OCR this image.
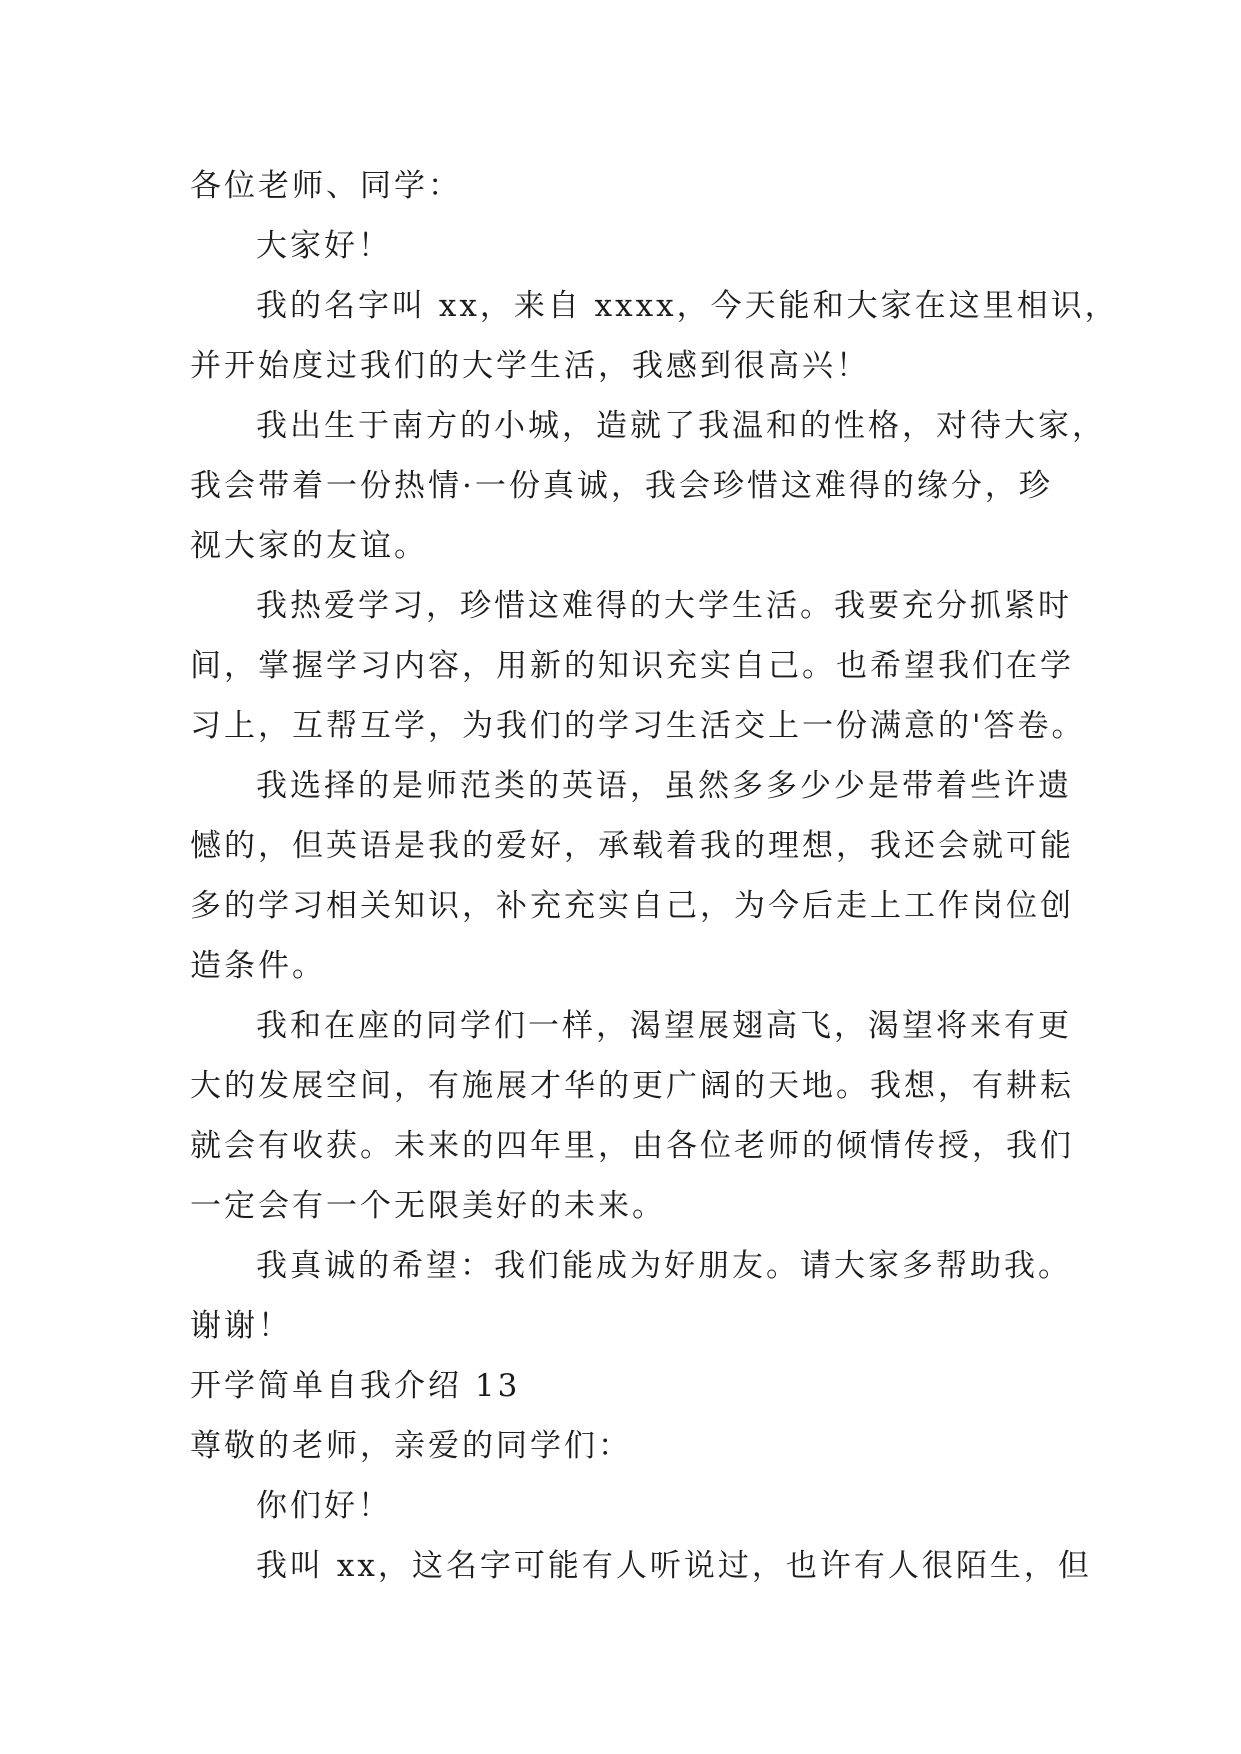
各位老师、同学：
大家好！
我的名字叫 xx，来自 xxxx，今天能和大家在这里相识，
并开始度过我们的大学生活，我感到很高兴！
我出生于南方的小城，造就了我温和的性格，对待大家，
我会带着一份热情·一份真诚，我会珍惜这难得的缘分，珍
视大家的友谊。
我热爱学习，珍惜这难得的大学生活。我要充分抓紧时
间，掌握学习内容，用新的知识充实自己。也希望我们在学
习上，互帮互学，为我们的学习生活交上一份满意的'答卷。
我选择的是师范类的英语，虽然多多少少是带着些许遗
憾的，但英语是我的爱好，承载着我的理想，我还会就可能
多的学习相关知识，补充充实自己，为今后走上工作岗位创
造条件。
我和在座的同学们一样，渴望展翅高飞，渴望将来有更
大的发展空间，有施展才华的更广阔的天地。我想，有耕耘
就会有收获。未来的四年里，由各位老师的倾情传授，我们
一定会有一个无限美好的未来。
我真诚的希望：我们能成为好朋友。请大家多帮助我。
谢谢！
开学简单自我介绍 13
尊敬的老师，亲爱的同学们：
你们好！
我叫 xx，这名字可能有人听说过，也许有人很陌生，但
